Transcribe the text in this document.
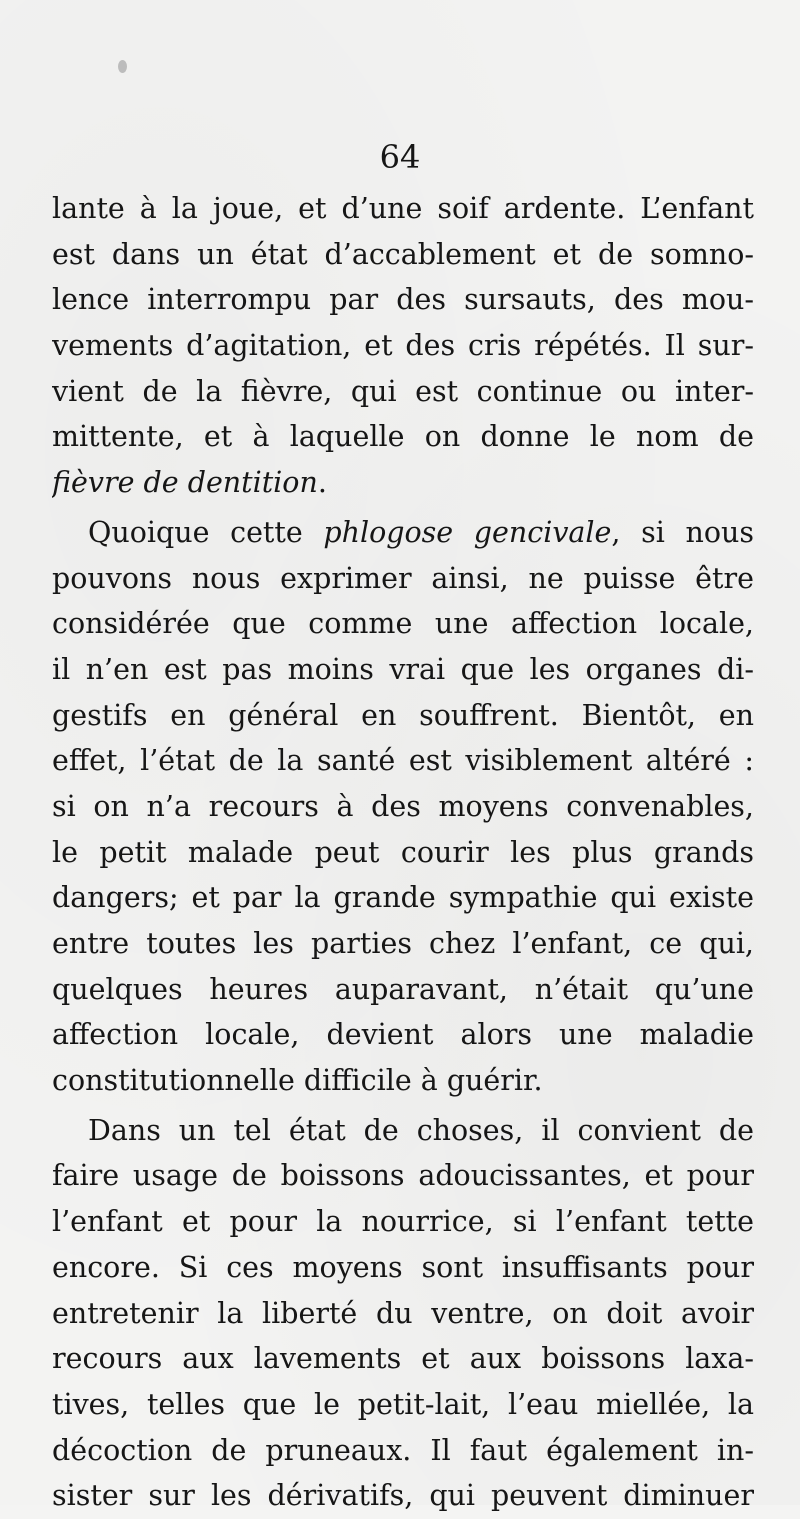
64
lante à la joue, et d’une soif ardente. L’enfant
est dans un état d’accablement et de somno-
lence interrompu par des sursauts, des mou-
vements d’agitation, et des cris répétés. Il sur-
vient de la fièvre, qui est continue ou inter-
mittente, et à laquelle on donne le nom de
fièvre de dentition.
Quoique cette phlogose gencivale, si nous
pouvons nous exprimer ainsi, ne puisse être
considérée que comme une affection locale,
il n’en est pas moins vrai que les organes di-
gestifs en général en souffrent. Bientôt, en
effet, l’état de la santé est visiblement altéré :
si on n’a recours à des moyens convenables,
le petit malade peut courir les plus grands
dangers; et par la grande sympathie qui existe
entre toutes les parties chez l’enfant, ce qui,
quelques heures auparavant, n’était qu’une
affection locale, devient alors une maladie
constitutionnelle difficile à guérir.
Dans un tel état de choses, il convient de
faire usage de boissons adoucissantes, et pour
l’enfant et pour la nourrice, si l’enfant tette
encore. Si ces moyens sont insuffisants pour
entretenir la liberté du ventre, on doit avoir
recours aux lavements et aux boissons laxa-
tives, telles que le petit-lait, l’eau miellée, la
décoction de pruneaux. Il faut également in-
sister sur les dérivatifs, qui peuvent diminuer
